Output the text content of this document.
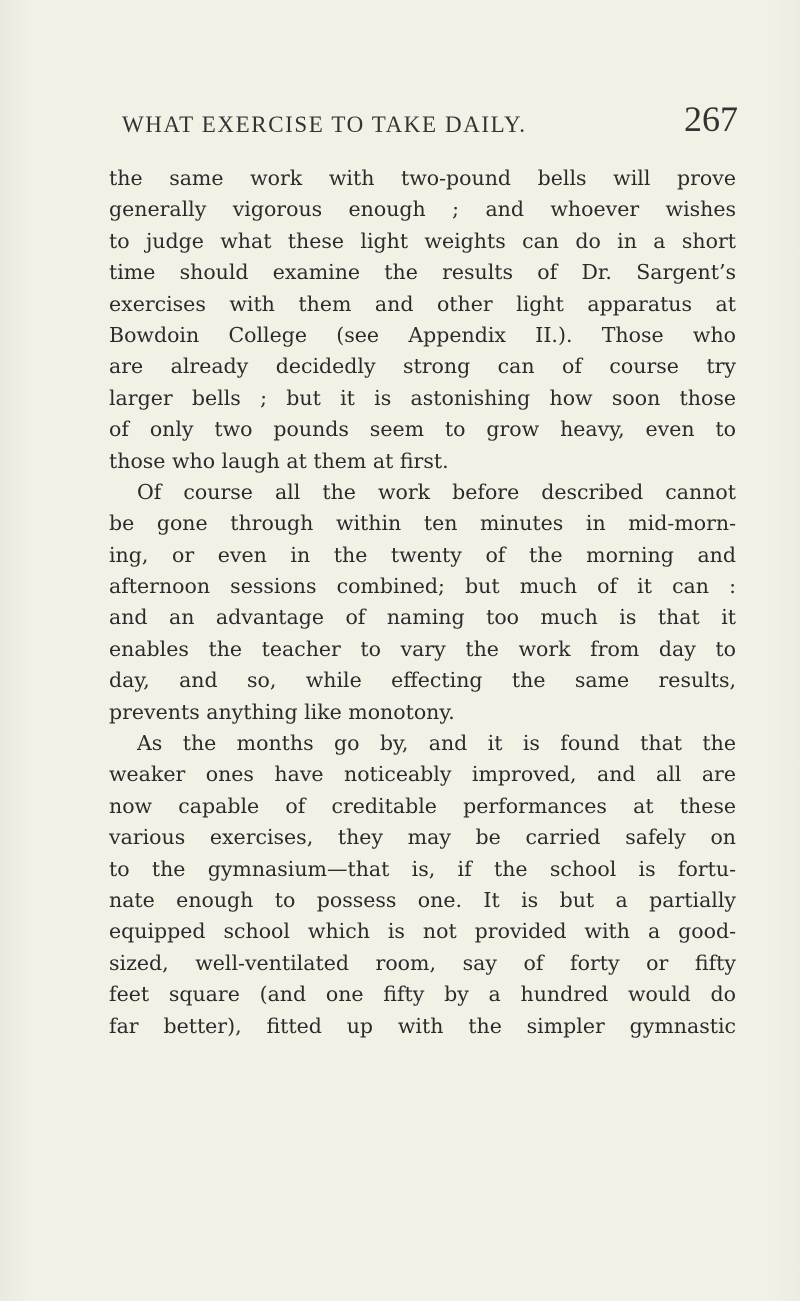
WHAT EXERCISE TO TAKE DAILY.	267
the same work with two-pound bells will prove
generally vigorous enough ; and whoever wishes
to judge what these light weights can do in a short
time should examine the results of Dr. Sargent’s
exercises with them and other light apparatus at
Bowdoin College (see Appendix II.). Those who
are already decidedly strong can of course try
larger bells ; but it is astonishing how soon those
of only two pounds seem to grow heavy, even to
those who laugh at them at first.
Of course all the work before described cannot
be gone through within ten minutes in mid-morn-
ing, or even in the twenty of the morning and
afternoon sessions combined; but much of it can :
and an advantage of naming too much is that it
enables the teacher to vary the work from day to
day, and so, while effecting the same results,
prevents anything like monotony.
As the months go by, and it is found that the
weaker ones have noticeably improved, and all are
now capable of creditable performances at these
various exercises, they may be carried safely on
to the gymnasium—that is, if the school is fortu-
nate enough to possess one. It is but a partially
equipped school which is not provided with a good-
sized, well-ventilated room, say of forty or fifty
feet square (and one fifty by a hundred would do
far better), fitted up with the simpler gymnastic
